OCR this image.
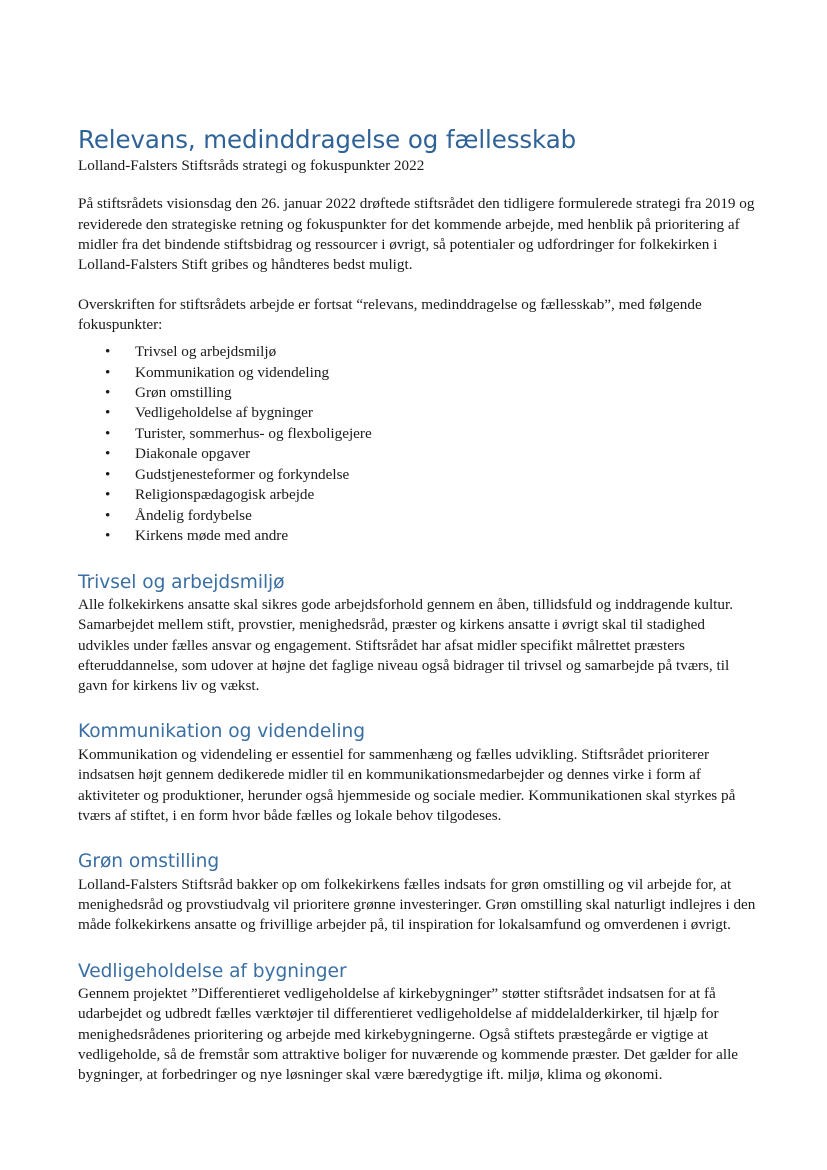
Relevans, medinddragelse og fællesskab

Lolland-Falsters Stiftsråds strategi og fokuspunkter 2022

På stiftsrådets visionsdag den 26. januar 2022 drøftede stiftsrådet den tidligere formulerede strategi fra 2019 og reviderede den strategiske retning og fokuspunkter for det kommende arbejde, med henblik på prioritering af midler fra det bindende stiftsbidrag og ressourcer i øvrigt, så potentialer og udfordringer for folkekirken i Lolland-Falsters Stift gribes og håndteres bedst muligt.

Overskriften for stiftsrådets arbejde er fortsat “relevans, medinddragelse og fællesskab”, med følgende fokuspunkter:

• Trivsel og arbejdsmiljø
• Kommunikation og videndeling
• Grøn omstilling
• Vedligeholdelse af bygninger
• Turister, sommerhus- og flexboligejere
• Diakonale opgaver
• Gudstjenesteformer og forkyndelse
• Religionspædagogisk arbejde
• Åndelig fordybelse
• Kirkens møde med andre
Trivsel og arbejdsmiljø

Alle folkekirkens ansatte skal sikres gode arbejdsforhold gennem en åben, tillidsfuld og inddragende kultur. Samarbejdet mellem stift, provstier, menighedsråd, præster og kirkens ansatte i øvrigt skal til stadighed udvikles under fælles ansvar og engagement. Stiftsrådet har afsat midler specifikt målrettet præsters efteruddannelse, som udover at højne det faglige niveau også bidrager til trivsel og samarbejde på tværs, til gavn for kirkens liv og vækst.

Kommunikation og videndeling

Kommunikation og videndeling er essentiel for sammenhæng og fælles udvikling. Stiftsrådet prioriterer indsatsen højt gennem dedikerede midler til en kommunikationsmedarbejder og dennes virke i form af aktiviteter og produktioner, herunder også hjemmeside og sociale medier. Kommunikationen skal styrkes på tværs af stiftet, i en form hvor både fælles og lokale behov tilgodeses.

Grøn omstilling

Lolland-Falsters Stiftsråd bakker op om folkekirkens fælles indsats for grøn omstilling og vil arbejde for, at menighedsråd og provstiudvalg vil prioritere grønne investeringer. Grøn omstilling skal naturligt indlejres i den måde folkekirkens ansatte og frivillige arbejder på, til inspiration for lokalsamfund og omverdenen i øvrigt.

Vedligeholdelse af bygninger

Gennem projektet ”Differentieret vedligeholdelse af kirkebygninger” støtter stiftsrådet indsatsen for at få udarbejdet og udbredt fælles værktøjer til differentieret vedligeholdelse af middelalderkirker, til hjælp for menighedsrådenes prioritering og arbejde med kirkebygningerne. Også stiftets præstegårde er vigtige at vedligeholde, så de fremstår som attraktive boliger for nuværende og kommende præster. Det gælder for alle bygninger, at forbedringer og nye løsninger skal være bæredygtige ift. miljø, klima og økonomi.
